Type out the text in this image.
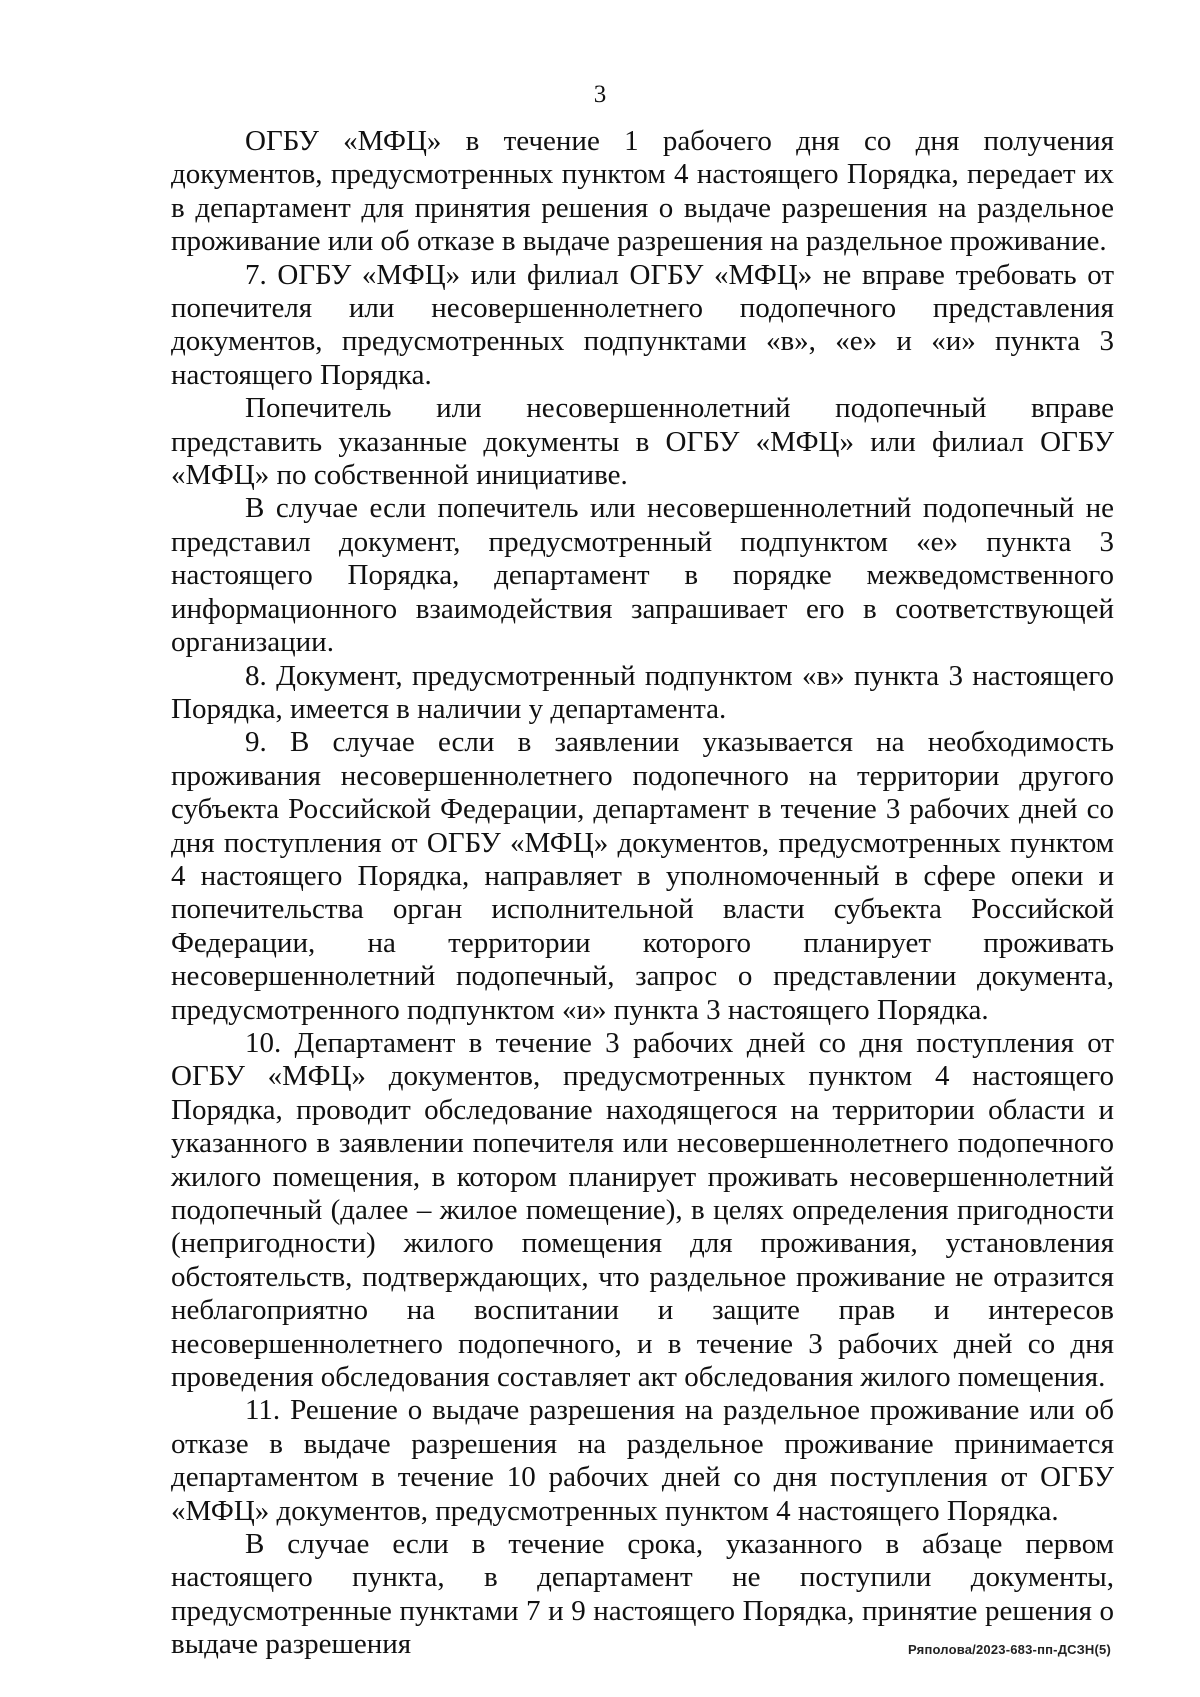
3

ОГБУ «МФЦ» в течение 1 рабочего дня со дня получения документов, предусмотренных пунктом 4 настоящего Порядка, передает их в департамент для принятия решения о выдаче разрешения на раздельное проживание или об отказе в выдаче разрешения на раздельное проживание.

7. ОГБУ «МФЦ» или филиал ОГБУ «МФЦ» не вправе требовать от попечителя или несовершеннолетнего подопечного представления документов, предусмотренных подпунктами «в», «е» и «и» пункта 3 настоящего Порядка.

Попечитель или несовершеннолетний подопечный вправе представить указанные документы в ОГБУ «МФЦ» или филиал ОГБУ «МФЦ» по собственной инициативе.

В случае если попечитель или несовершеннолетний подопечный не представил документ, предусмотренный подпунктом «е» пункта 3 настоящего Порядка, департамент в порядке межведомственного информационного взаимодействия запрашивает его в соответствующей организации.

8. Документ, предусмотренный подпунктом «в» пункта 3 настоящего Порядка, имеется в наличии у департамента.

9. В случае если в заявлении указывается на необходимость проживания несовершеннолетнего подопечного на территории другого субъекта Российской Федерации, департамент в течение 3 рабочих дней со дня поступления от ОГБУ «МФЦ» документов, предусмотренных пунктом 4 настоящего Порядка, направляет в уполномоченный в сфере опеки и попечительства орган исполнительной власти субъекта Российской Федерации, на территории которого планирует проживать несовершеннолетний подопечный, запрос о представлении документа, предусмотренного подпунктом «и» пункта 3 настоящего Порядка.

10. Департамент в течение 3 рабочих дней со дня поступления от ОГБУ «МФЦ» документов, предусмотренных пунктом 4 настоящего Порядка, проводит обследование находящегося на территории области и указанного в заявлении попечителя или несовершеннолетнего подопечного жилого помещения, в котором планирует проживать несовершеннолетний подопечный (далее – жилое помещение), в целях определения пригодности (непригодности) жилого помещения для проживания, установления обстоятельств, подтверждающих, что раздельное проживание не отразится неблагоприятно на воспитании и защите прав и интересов несовершеннолетнего подопечного, и в течение 3 рабочих дней со дня проведения обследования составляет акт обследования жилого помещения.

11. Решение о выдаче разрешения на раздельное проживание или об отказе в выдаче разрешения на раздельное проживание принимается департаментом в течение 10 рабочих дней со дня поступления от ОГБУ «МФЦ» документов, предусмотренных пунктом 4 настоящего Порядка.

В случае если в течение срока, указанного в абзаце первом настоящего пункта, в департамент не поступили документы, предусмотренные пунктами 7 и 9 настоящего Порядка, принятие решения о выдаче разрешения	Ряполова/2023-683-пп-ДСЗН(5)
